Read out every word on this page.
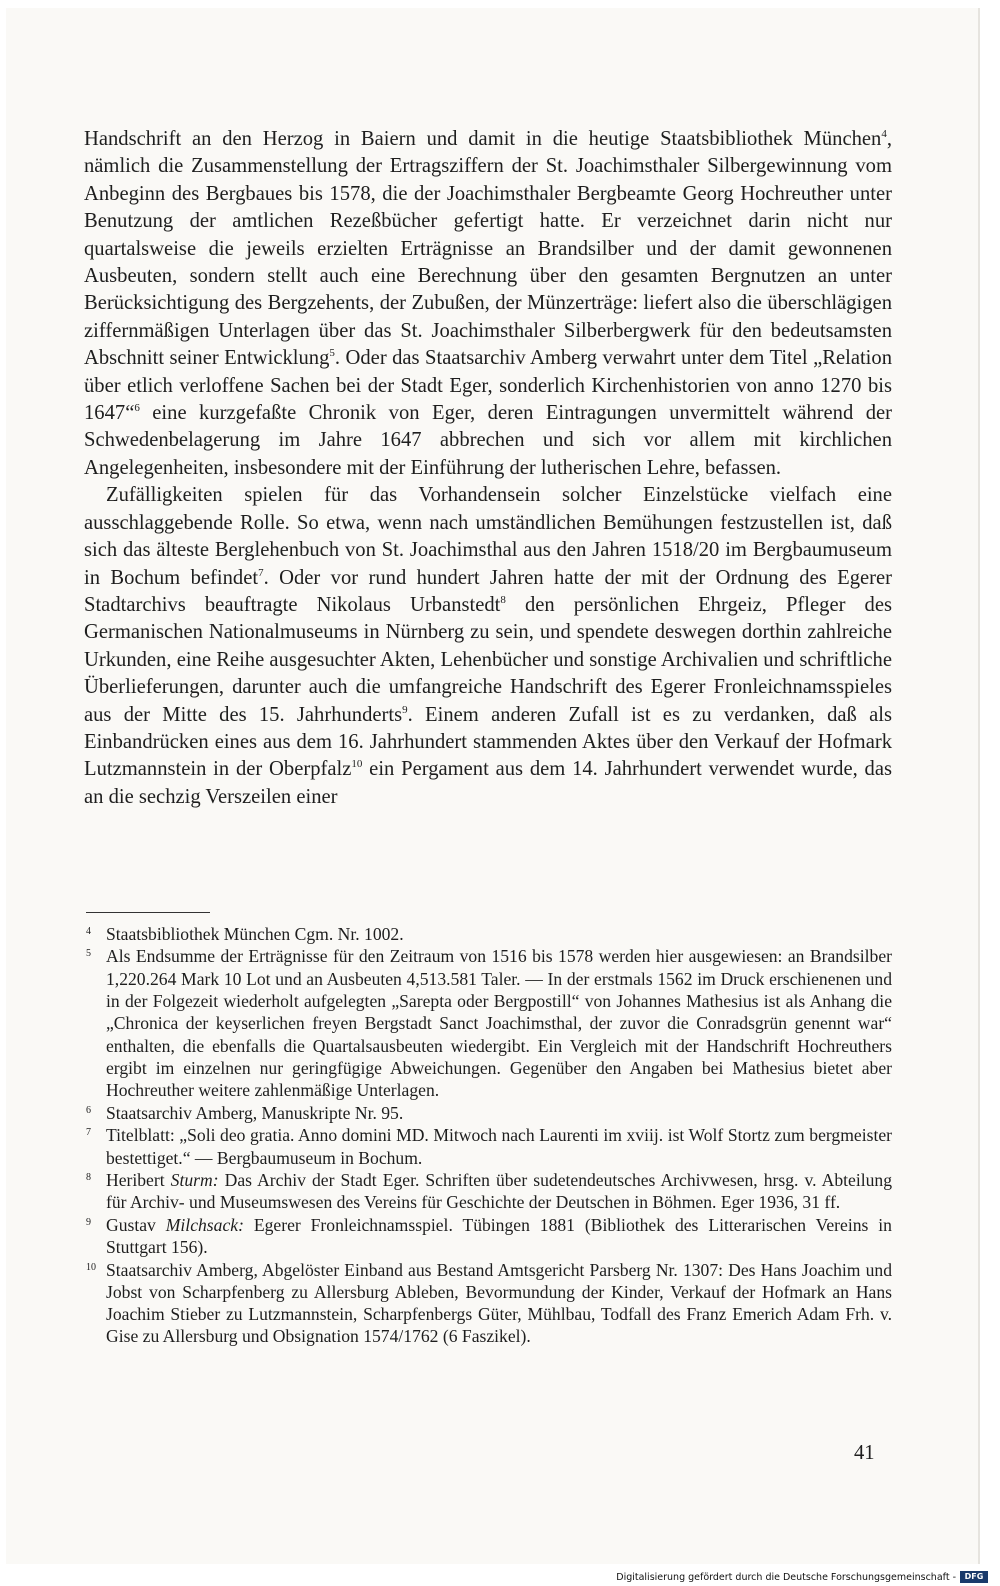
Handschrift an den Herzog in Baiern und damit in die heutige Staatsbibliothek München$^4$, nämlich die Zusammenstellung der Ertragsziffern der St. Joachimsthaler Silbergewinnung vom Anbeginn des Bergbaues bis 1578, die der Joachimsthaler Bergbeamte Georg Hochreuther unter Benutzung der amtlichen Rezeßbücher gefertigt hatte. Er verzeichnet darin nicht nur quartalsweise die jeweils erzielten Erträgnisse an Brandsilber und der damit gewonnenen Ausbeuten, sondern stellt auch eine Berechnung über den gesamten Bergnutzen an unter Berücksichtigung des Bergzehents, der Zubußen, der Münzerträge: liefert also die überschlägigen ziffernmäßigen Unterlagen über das St. Joachimsthaler Silberbergwerk für den bedeutsamsten Abschnitt seiner Entwicklung$^5$. Oder das Staatsarchiv Amberg verwahrt unter dem Titel „Relation über etlich verloffene Sachen bei der Stadt Eger, sonderlich Kirchenhistorien von anno 1270 bis 1647“$^6$ eine kurzgefaßte Chronik von Eger, deren Eintragungen unvermittelt während der Schwedenbelagerung im Jahre 1647 abbrechen und sich vor allem mit kirchlichen Angelegenheiten, insbesondere mit der Einführung der lutherischen Lehre, befassen.

Zufälligkeiten spielen für das Vorhandensein solcher Einzelstücke vielfach eine ausschlaggebende Rolle. So etwa, wenn nach umständlichen Bemühungen festzustellen ist, daß sich das älteste Berglehenbuch von St. Joachimsthal aus den Jahren 1518/20 im Bergbaumuseum in Bochum befindet$^7$. Oder vor rund hundert Jahren hatte der mit der Ordnung des Egerer Stadtarchivs beauftragte Nikolaus Urbanstedt$^8$ den persönlichen Ehrgeiz, Pfleger des Germanischen Nationalmuseums in Nürnberg zu sein, und spendete deswegen dorthin zahlreiche Urkunden, eine Reihe ausgesuchter Akten, Lehenbücher und sonstige Archivalien und schriftliche Überlieferungen, darunter auch die umfangreiche Handschrift des Egerer Fronleichnamsspieles aus der Mitte des 15. Jahrhunderts$^9$. Einem anderen Zufall ist es zu verdanken, daß als Einbandrücken eines aus dem 16. Jahrhundert stammenden Aktes über den Verkauf der Hofmark Lutzmannstein in der Oberpfalz$^{10}$ ein Pergament aus dem 14. Jahrhundert verwendet wurde, das an die sechzig Verszeilen einer

4 Staatsbibliothek München Cgm. Nr. 1002.
5 Als Endsumme der Erträgnisse für den Zeitraum von 1516 bis 1578 werden hier ausgewiesen: an Brandsilber 1,220.264 Mark 10 Lot und an Ausbeuten 4,513.581 Taler. — In der erstmals 1562 im Druck erschienenen und in der Folgezeit wiederholt aufgelegten „Sarepta oder Bergpostill“ von Johannes Mathesius ist als Anhang die „Chronica der keyserlichen freyen Bergstadt Sanct Joachimsthal, der zuvor die Conradsgrün genennt war“ enthalten, die ebenfalls die Quartalsausbeuten wiedergibt. Ein Vergleich mit der Handschrift Hochreuthers ergibt im einzelnen nur geringfügige Abweichungen. Gegenüber den Angaben bei Mathesius bietet aber Hochreuther weitere zahlenmäßige Unterlagen.
6 Staatsarchiv Amberg, Manuskripte Nr. 95.
7 Titelblatt: „Soli deo gratia. Anno domini MD. Mitwoch nach Laurenti im xviij. ist Wolf Stortz zum bergmeister bestettiget.“ — Bergbaumuseum in Bochum.
8 Heribert Sturm: Das Archiv der Stadt Eger. Schriften über sudetendeutsches Archivwesen, hrsg. v. Abteilung für Archiv- und Museumswesen des Vereins für Geschichte der Deutschen in Böhmen. Eger 1936, 31 ff.
9 Gustav Milchsack: Egerer Fronleichnamsspiel. Tübingen 1881 (Bibliothek des Litterarischen Vereins in Stuttgart 156).
10 Staatsarchiv Amberg, Abgelöster Einband aus Bestand Amtsgericht Parsberg Nr. 1307: Des Hans Joachim und Jobst von Scharpfenberg zu Allersburg Ableben, Bevormundung der Kinder, Verkauf der Hofmark an Hans Joachim Stieber zu Lutzmannstein, Scharpfenbergs Güter, Mühlbau, Todfall des Franz Emerich Adam Frh. v. Gise zu Allersburg und Obsignation 1574/1762 (6 Faszikel).
41
Digitalisierung gefördert durch die Deutsche Forschungsgemeinschaft -	DFG
